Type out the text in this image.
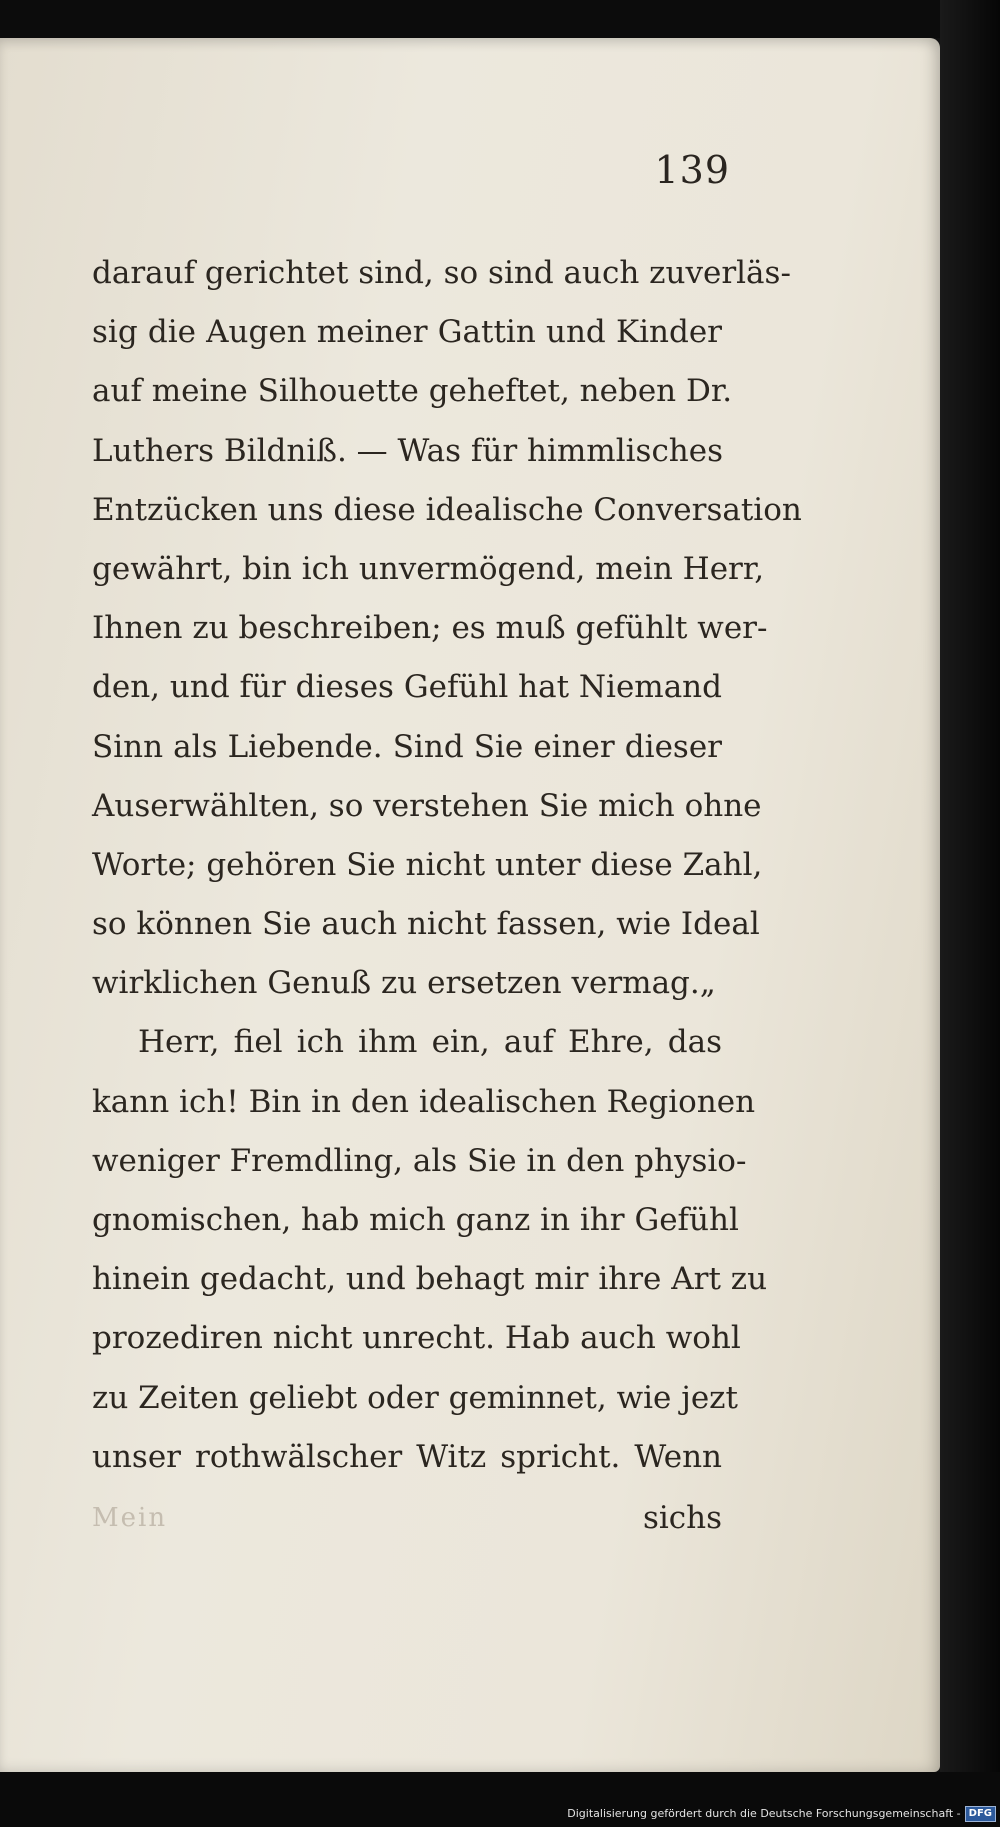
139
darauf gerichtet sind, so sind auch zuverläs-
sig die Augen meiner Gattin und Kinder
auf meine Silhouette geheftet, neben Dr.
Luthers Bildniß. — Was für himmlisches
Entzücken uns diese idealische Conversation
gewährt, bin ich unvermögend, mein Herr,
Ihnen zu beschreiben; es muß gefühlt wer-
den, und für dieses Gefühl hat Niemand
Sinn als Liebende. Sind Sie einer dieser
Auserwählten, so verstehen Sie mich ohne
Worte; gehören Sie nicht unter diese Zahl,
so können Sie auch nicht fassen, wie Ideal
wirklichen Genuß zu ersetzen vermag.„
Herr, fiel ich ihm ein, auf Ehre, das
kann ich! Bin in den idealischen Regionen
weniger Fremdling, als Sie in den physio-
gnomischen, hab mich ganz in ihr Gefühl
hinein gedacht, und behagt mir ihre Art zu
prozediren nicht unrecht. Hab auch wohl
zu Zeiten geliebt oder geminnet, wie jezt
unser rothwälscher Witz spricht. Wenn
Mein	sichs
Digitalisierung gefördert durch die Deutsche Forschungsgemeinschaft - DFG
